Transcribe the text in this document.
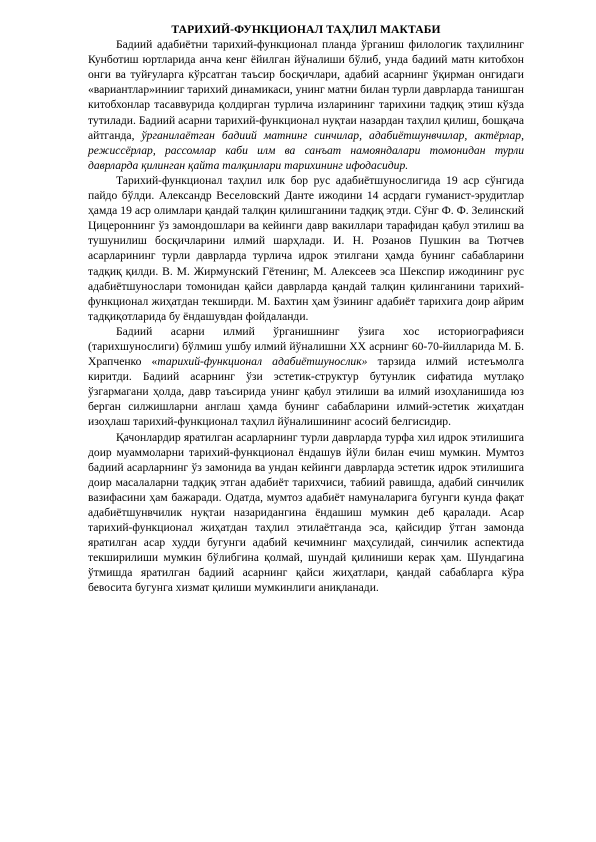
ТАРИХИЙ-ФУНКЦИОНАЛ ТАҲЛИЛ МАКТАБИ

Бадиий адабиётни тарихий-функционал планда ўрганиш филологик таҳлилнинг Кунботиш юртларида анча кенг ёйилган йўналиши бўлиб, унда бадиий матн китобхон онги ва туйғуларга кўрсатган таъсир босқичлари, адабий асарнинг ўқирман онгидаги «вариантлар»инииг тарихий динамикаси, унинг матни билан турли даврларда танишган китобхонлар тасаввурида қолдирган турлича изларининг тарихини тадқиқ этиш кўзда тутилади. Бадиий асарни тарихий-функционал нуқтаи назардан таҳлил қилиш, бошқача айтганда, ўрганилаётган бадиий матнинг синчилар, адабиётшунвчилар, актёрлар, режиссёрлар, рассомлар каби илм ва санъат намояндалари томонидан турли даврларда қилинган қайта талқинлари тарихининг ифодасидир.

Тарихий-функционал таҳлил илк бор рус адабиётшунослигида 19 аср сўнгида пайдо бўлди. Александр Веселовский Данте ижодини 14 асрдаги гуманист-эрудитлар ҳамда 19 аср олимлари қандай талқин қилишганини тадқиқ этди. Сўнг Ф. Ф. Зелинский Цицероннинг ўз замондошлари ва кейинги давр вакиллари тарафидан қабул этилиш ва тушунилиш босқичларини илмий шарҳлади. И. Н. Розанов Пушкин ва Тютчев асарларининг турли даврларда турлича идрок этилгани ҳамда бунинг сабабларини тадқиқ қилди. В. М. Жирмунский Гётенинг, М. Алексеев эса Шекспир ижодининг рус адабиётшунослари томонидан қайси даврларда қандай талқин қилинганини тарихий-функционал жиҳатдан текширди. М. Бахтин ҳам ўзининг адабиёт тарихига доир айрим тадқиқотларида бу ёндашувдан фойдаланди.

Бадиий асарни илмий ўрганишнинг ўзига хос историографияси (тарихшунослиги) бўлмиш ушбу илмий йўналишни XX асрнинг 60-70-йилларида М. Б. Храпченко «тарихий-функционал адабиётшунослик» тарзида илмий истеъмолга киритди. Бадиий асарнинг ўзи эстетик-структур бутунлик сифатида мутлақо ўзгармагани ҳолда, давр таъсирида унинг қабул этилиши ва илмий изоҳланишида юз берган силжишларни англаш ҳамда бунинг сабабларини илмий-эстетик жиҳатдан изоҳлаш тарихий-функционал таҳлил йўналишининг асосий белгисидир.

Қачонлардир яратилган асарларнинг турли даврларда турфа хил идрок этилишига доир муаммоларни тарихий-функционал ёндашув йўли билан ечиш мумкин. Мумтоз бадиий асарларнинг ўз замонида ва ундан кейинги даврларда эстетик идрок этилишига доир масалаларни тадқиқ этган адабиёт тарихчиси, табиий равишда, адабий синчилик вазифасини ҳам бажаради. Одатда, мумтоз адабиёт намуналарига бугунги кунда фақат адабиётшунвчилик нуқтаи назаридангина ёндашиш мумкин деб қаралади. Асар тарихий-функционал жиҳатдан таҳлил этилаётганда эса, қайсидир ўтган замонда яратилган асар худди бугунги адабий кечимнинг маҳсулидай, синчилик аспектида текширилиши мумкин бўлибгина қолмай, шундай қилиниши керак ҳам. Шундагина ўтмишда яратилган бадиий асарнинг қайси жиҳатлари, қандай сабабларга кўра бевосита бугунга хизмат қилиши мумкинлиги аниқланади.
